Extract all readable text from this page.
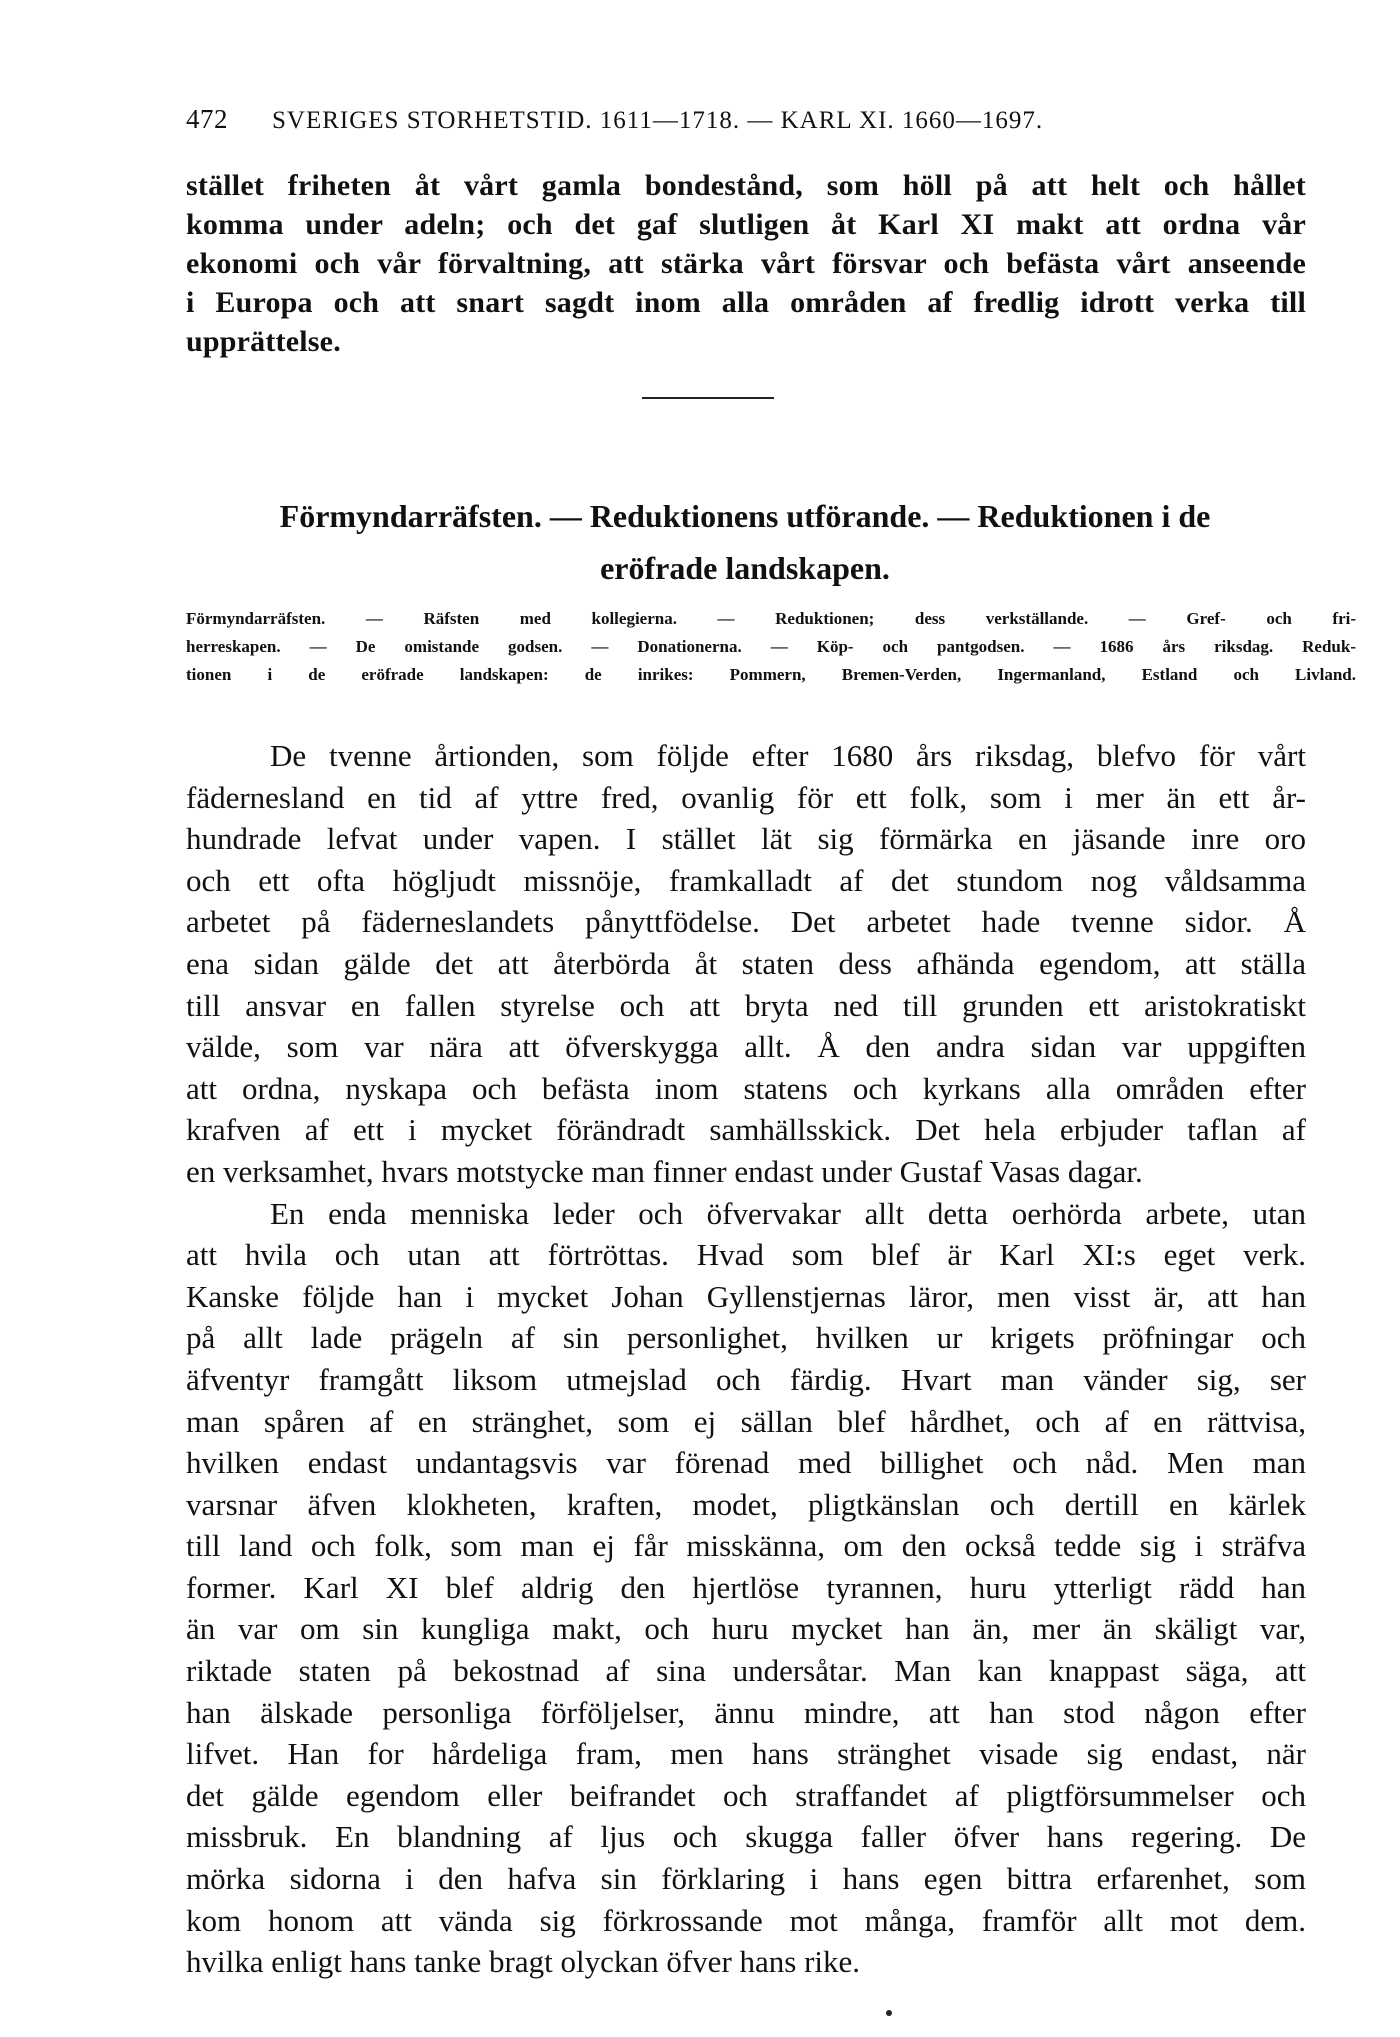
472 SVERIGES STORHETSTID. 1611—1718. — KARL XI. 1660—1697.
stället friheten åt vårt gamla bondestånd, som höll på att helt och hållet
komma under adeln; och det gaf slutligen åt Karl XI makt att ordna vår
ekonomi och vår förvaltning, att stärka vårt försvar och befästa vårt anseende
i Europa och att snart sagdt inom alla områden af fredlig idrott verka till
upprättelse.
Förmyndarräfsten. — Reduktionens utförande. — Reduktionen i de
eröfrade landskapen.
Förmyndarräfsten. — Räfsten med kollegierna. — Reduktionen; dess verkställande. — Gref- och fri-
herreskapen. — De omistande godsen. — Donationerna. — Köp- och pantgodsen. — 1686 års riksdag. Reduk-
tionen i de eröfrade landskapen: de inrikes: Pommern, Bremen-Verden, Ingermanland, Estland och Livland.
De tvenne årtionden, som följde efter 1680 års riksdag, blefvo för vårt
fädernesland en tid af yttre fred, ovanlig för ett folk, som i mer än ett år-
hundrade lefvat under vapen. I stället lät sig förmärka en jäsande inre oro
och ett ofta högljudt missnöje, framkalladt af det stundom nog våldsamma
arbetet på fäderneslandets pånyttfödelse. Det arbetet hade tvenne sidor. Å
ena sidan gälde det att återbörda åt staten dess afhända egendom, att ställa
till ansvar en fallen styrelse och att bryta ned till grunden ett aristokratiskt
välde, som var nära att öfverskygga allt. Å den andra sidan var uppgiften
att ordna, nyskapa och befästa inom statens och kyrkans alla områden efter
krafven af ett i mycket förändradt samhällsskick. Det hela erbjuder taflan af
en verksamhet, hvars motstycke man finner endast under Gustaf Vasas dagar.
En enda menniska leder och öfvervakar allt detta oerhörda arbete, utan
att hvila och utan att förtröttas. Hvad som blef är Karl XI:s eget verk.
Kanske följde han i mycket Johan Gyllenstjernas läror, men visst är, att han
på allt lade prägeln af sin personlighet, hvilken ur krigets pröfningar och
äfventyr framgått liksom utmejslad och färdig. Hvart man vänder sig, ser
man spåren af en stränghet, som ej sällan blef hårdhet, och af en rättvisa,
hvilken endast undantagsvis var förenad med billighet och nåd. Men man
varsnar äfven klokheten, kraften, modet, pligtkänslan och dertill en kärlek
till land och folk, som man ej får misskänna, om den också tedde sig i sträfva
former. Karl XI blef aldrig den hjertlöse tyrannen, huru ytterligt rädd han
än var om sin kungliga makt, och huru mycket han än, mer än skäligt var,
riktade staten på bekostnad af sina undersåtar. Man kan knappast säga, att
han älskade personliga förföljelser, ännu mindre, att han stod någon efter
lifvet. Han for hårdeligа fram, men hans stränghet visade sig endast, när
det gälde egendom eller beifrandet och straffandet af pligtförsummelser och
missbruk. En blandning af ljus och skugga faller öfver hans regering. De
mörka sidorna i den hafva sin förklaring i hans egen bittra erfarenhet, som
kom honom att vända sig förkrossande mot många, framför allt mot dem.
hvilka enligt hans tanke bragt olyckan öfver hans rike.
